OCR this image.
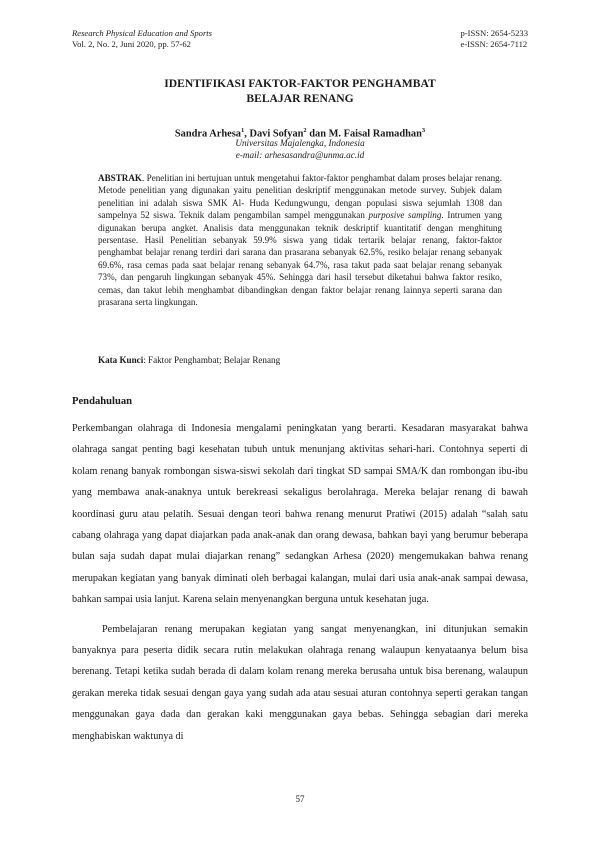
Research Physical Education and Sports
Vol. 2, No. 2, Juni 2020, pp. 57-62
p-ISSN: 2654-5233
e-ISSN: 2654-7112
IDENTIFIKASI FAKTOR-FAKTOR PENGHAMBAT
BELAJAR RENANG
Sandra Arhesa$^1$, Davi Sofyan$^2$ dan M. Faisal Ramadhan$^3$
Universitas Majalengka, Indonesia
e-mail: arhesasandra@unma.ac.id
ABSTRAK. Penelitian ini bertujuan untuk mengetahui faktor-faktor penghambat dalam proses belajar renang. Metode penelitian yang digunakan yaitu penelitian deskriptif menggunakan metode survey. Subjek dalam penelitian ini adalah siswa SMK Al- Huda Kedungwungu, dengan populasi siswa sejumlah 1308 dan sampelnya 52 siswa. Teknik dalam pengambilan sampel menggunakan purposive sampling. Intrumen yang digunakan berupa angket. Analisis data menggunakan teknik deskriptif kuantitatif dengan menghitung persentase. Hasil Penelitian sebanyak 59.9% siswa yang tidak tertarik belajar renang, faktor-faktor penghambat belajar renang terdiri dari sarana dan prasarana sebanyak 62.5%, resiko belajar renang sebanyak 69.6%, rasa cemas pada saat belajar renang sebanyak 64.7%, rasa takut pada saat belajar renang sebanyak 73%, dan pengaruh lingkungan sebanyak 45%. Sehingga dari hasil tersebut diketahui bahwa faktor resiko, cemas, dan takut lebih menghambat dibandingkan dengan faktor belajar renang lainnya seperti sarana dan prasarana serta lingkungan.
Kata Kunci: Faktor Penghambat; Belajar Renang
Pendahuluan

Perkembangan olahraga di Indonesia mengalami peningkatan yang berarti. Kesadaran masyarakat bahwa olahraga sangat penting bagi kesehatan tubuh untuk menunjang aktivitas sehari-hari. Contohnya seperti di kolam renang banyak rombongan siswa-siswi sekolah dari tingkat SD sampai SMA/K dan rombongan ibu-ibu yang membawa anak-anaknya untuk berekreasi sekaligus berolahraga. Mereka belajar renang di bawah koordinasi guru atau pelatih. Sesuai dengan teori bahwa renang menurut Pratiwi (2015) adalah “salah satu cabang olahraga yang dapat diajarkan pada anak-anak dan orang dewasa, bahkan bayi yang berumur beberapa bulan saja sudah dapat mulai diajarkan renang” sedangkan Arhesa (2020) mengemukakan bahwa renang merupakan kegiatan yang banyak diminati oleh berbagai kalangan, mulai dari usia anak-anak sampai dewasa, bahkan sampai usia lanjut. Karena selain menyenangkan berguna untuk kesehatan juga.

Pembelajaran renang merupakan kegiatan yang sangat menyenangkan, ini ditunjukan semakin banyaknya para peserta didik secara rutin melakukan olahraga renang walaupun kenyataanya belum bisa berenang. Tetapi ketika sudah berada di dalam kolam renang mereka berusaha untuk bisa berenang, walaupun gerakan mereka tidak sesuai dengan gaya yang sudah ada atau sesuai aturan contohnya seperti gerakan tangan menggunakan gaya dada dan gerakan kaki menggunakan gaya bebas. Sehingga sebagian dari mereka menghabiskan waktunya di

57
